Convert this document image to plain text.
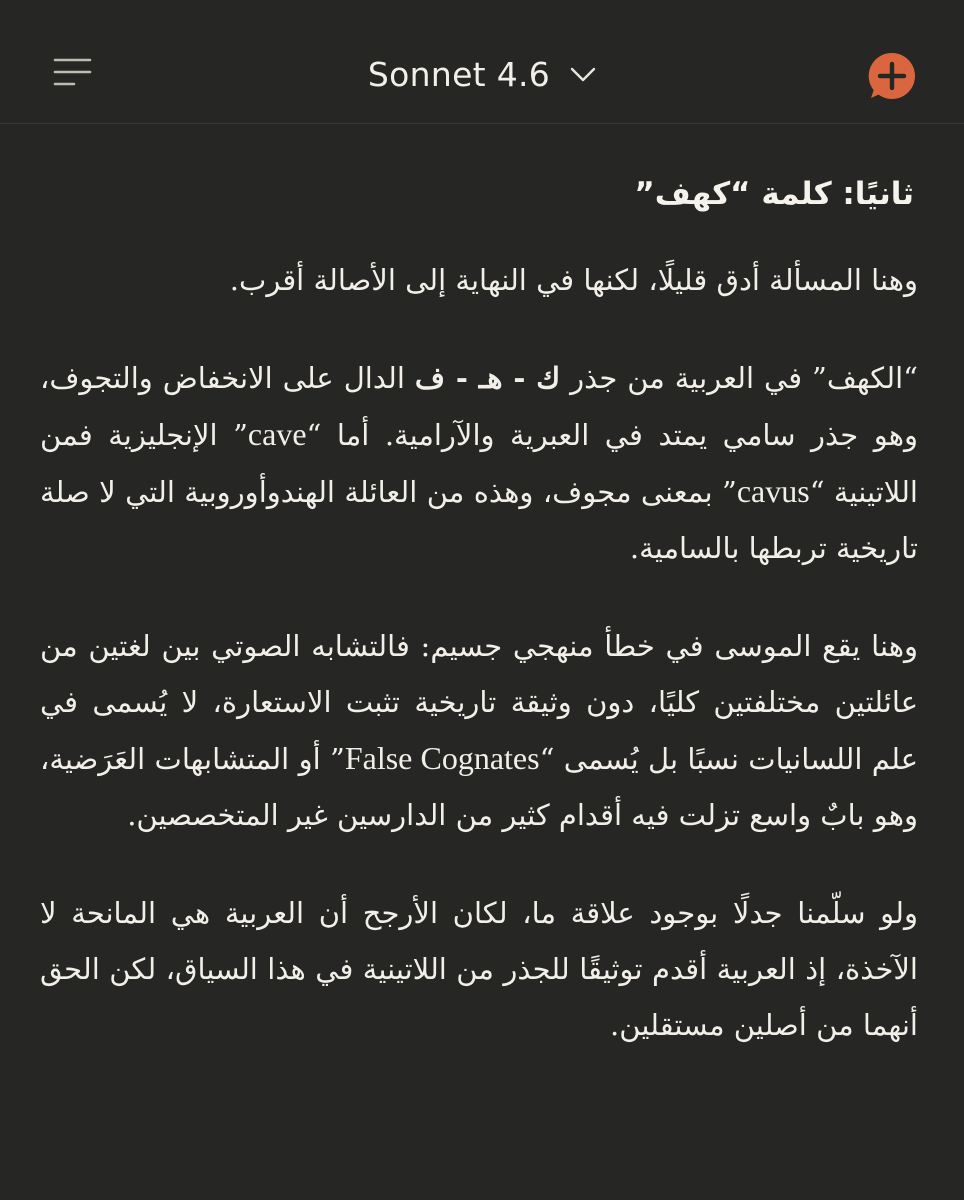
Sonnet 4.6
ثانيًا: كلمة “كهف”
وهنا المسألة أدق قليلًا، لكنها في النهاية إلى الأصالة أقرب.
“الكهف” في العربية من جذر ك - هـ - ف الدال على الانخفاض والتجوف، وهو جذر سامي يمتد في العبرية والآرامية. أما “cave” الإنجليزية فمن اللاتينية “cavus” بمعنى مجوف، وهذه من العائلة الهندوأوروبية التي لا صلة تاريخية تربطها بالسامية.
وهنا يقع الموسى في خطأ منهجي جسيم: فالتشابه الصوتي بين لغتين من عائلتين مختلفتين كليًا، دون وثيقة تاريخية تثبت الاستعارة، لا يُسمى في علم اللسانيات نسبًا بل يُسمى “False Cognates” أو المتشابهات العَرَضية، وهو بابٌ واسع تزلت فيه أقدام كثير من الدارسين غير المتخصصين.
ولو سلّمنا جدلًا بوجود علاقة ما، لكان الأرجح أن العربية هي المانحة لا الآخذة، إذ العربية أقدم توثيقًا للجذر من اللاتينية في هذا السياق، لكن الحق أنهما من أصلين مستقلين.
